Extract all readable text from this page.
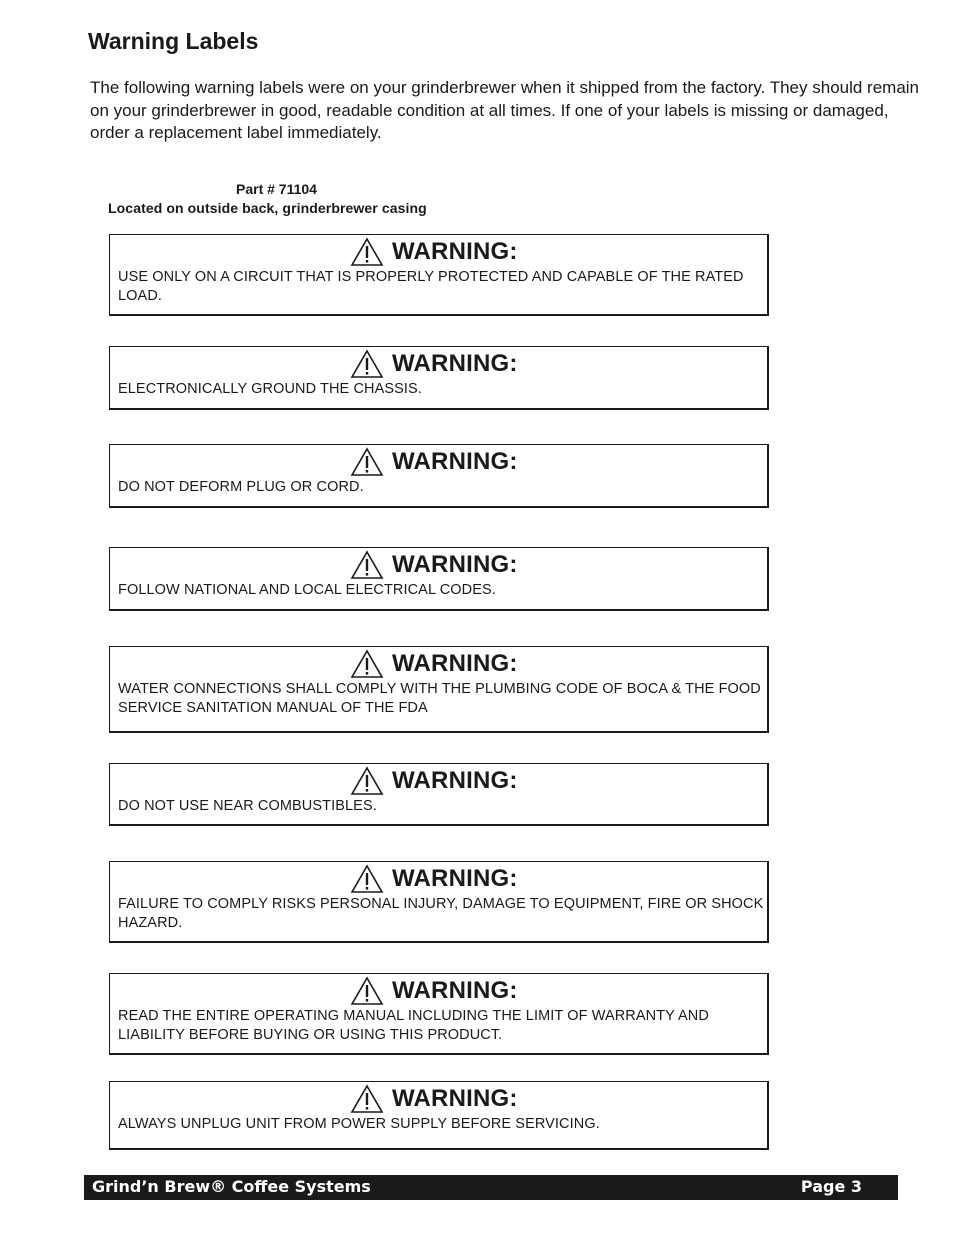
Warning Labels
The following warning labels were on your grinderbrewer when it shipped from the factory. They should remain on your grinderbrewer in good, readable condition at all times. If one of your labels is missing or damaged, order a replacement label immediately.
Part # 71104
Located on outside back, grinderbrewer casing
WARNING:
USE ONLY ON A CIRCUIT THAT IS PROPERLY PROTECTED AND CAPABLE OF THE RATED LOAD.
WARNING:
ELECTRONICALLY GROUND THE CHASSIS.
WARNING:
DO NOT DEFORM PLUG OR CORD.
WARNING:
FOLLOW NATIONAL AND LOCAL ELECTRICAL CODES.
WARNING:
WATER CONNECTIONS SHALL COMPLY WITH THE PLUMBING CODE OF BOCA & THE FOOD SERVICE SANITATION MANUAL OF THE FDA
WARNING:
DO NOT USE NEAR COMBUSTIBLES.
WARNING:
FAILURE TO COMPLY RISKS PERSONAL INJURY, DAMAGE TO EQUIPMENT, FIRE OR SHOCK HAZARD.
WARNING:
READ THE ENTIRE OPERATING MANUAL INCLUDING THE LIMIT OF WARRANTY AND LIABILITY BEFORE BUYING OR USING THIS PRODUCT.
WARNING:
ALWAYS UNPLUG UNIT FROM POWER SUPPLY BEFORE SERVICING.
Grind’n Brew® Coffee Systems	Page 3
